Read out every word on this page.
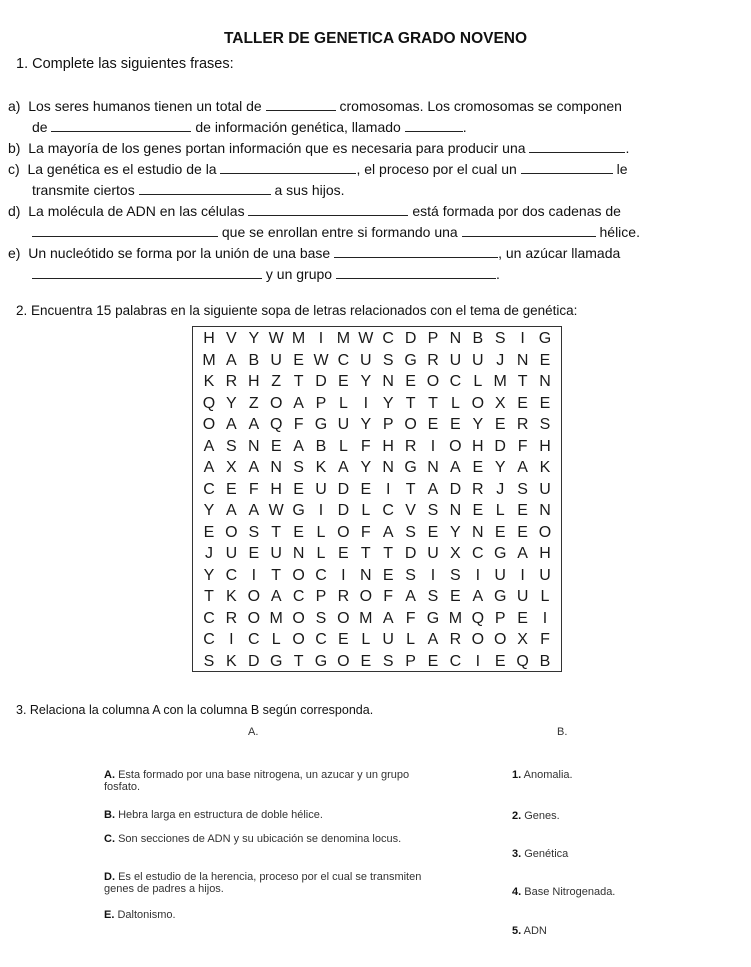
TALLER DE GENETICA GRADO NOVENO
1. Complete las siguientes frases:
a) Los seres humanos tienen un total de	cromosomas. Los cromosomas se componen
de	de información genética, llamado	.
b) La mayoría de los genes portan información que es necesaria para producir una	.
c) La genética es el estudio de la	, el proceso por el cual un	le
transmite ciertos	a sus hijos.
d) La molécula de ADN en las células	está formada por dos cadenas de
que se enrollan entre si formando una	hélice.
e) Un nucleótido se forma por la unión de una base	, un azúcar llamada
y un grupo	.
2. Encuentra 15 palabras en la siguiente sopa de letras relacionados con el tema de genética:
H V Y W M I M W C D P N B S I G
M A B U E W C U S G R U U J N E
K R H Z T D E Y N E O C L M T N
Q Y Z O A P L I Y T T L O X E E
O A A Q F G U Y P O E E Y E R S
A S N E A B L F H R I O H D F H
A X A N S K A Y N G N A E Y A K
C E F H E U D E I T A D R J S U
Y A A W G I D L C V S N E L E N
E O S T E L O F A S E Y N E E O
J U E U N L E T T D U X C G A H
Y C I T O C I N E S I S I U I U
T K O A C P R O F A S E A G U L
C R O M O S O M A F G M Q P E I
C I C L O C E L U L A R O O X F
S K D G T G O E S P E C I E Q B
3. Relaciona la columna A con la columna B según corresponda.
A.	B.
A. Esta formado por una base nitrogena, un azucar y un grupo fosfato.
B. Hebra larga en estructura de doble hélice.
C. Son secciones de ADN y su ubicación se denomina locus.
D. Es el estudio de la herencia, proceso por el cual se transmiten genes de padres a hijos.
E. Daltonismo.
1. Anomalia.
2. Genes.
3. Genética
4. Base Nitrogenada.
5. ADN
